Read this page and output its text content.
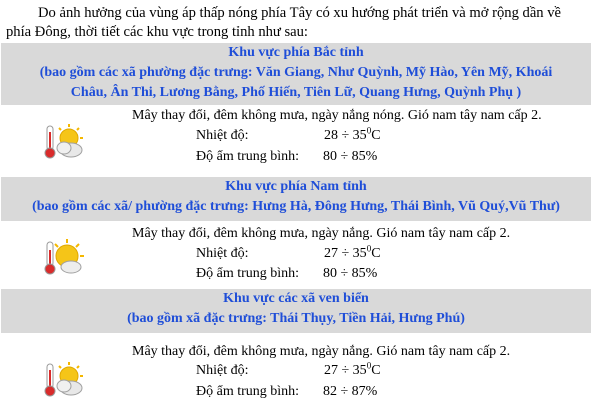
Do ảnh hưởng của vùng áp thấp nóng phía Tây có xu hướng phát triển và mở rộng dần về
phía Đông, thời tiết các khu vực trong tỉnh như sau:
Khu vực phía Bắc tỉnh
(bao gồm các xã phường đặc trưng: Văn Giang, Như Quỳnh, Mỹ Hào, Yên Mỹ, Khoái
Châu, Ân Thi, Lương Bằng, Phố Hiến, Tiên Lữ, Quang Hưng, Quỳnh Phụ )
Mây thay đổi, đêm không mưa, ngày nắng nóng. Gió nam tây nam cấp 2.
Nhiệt độ:	$28 \div 35^0C$
Độ ẩm trung bình: 80 ÷ 85%
Khu vực phía Nam tỉnh
(bao gồm các xã/ phường đặc trưng: Hưng Hà, Đông Hưng, Thái Bình, Vũ Quý,Vũ Thư)
Mây thay đổi, đêm không mưa, ngày nắng. Gió nam tây nam cấp 2.
Nhiệt độ:	$27 \div 35^0C$
Độ ẩm trung bình: 80 ÷ 85%
Khu vực các xã ven biển
(bao gồm xã đặc trưng: Thái Thụy, Tiền Hải, Hưng Phú)
Mây thay đổi, đêm không mưa, ngày nắng. Gió nam tây nam cấp 2.
Nhiệt độ:	$27 \div 35^0C$
Độ ẩm trung bình: 82 ÷ 87%
